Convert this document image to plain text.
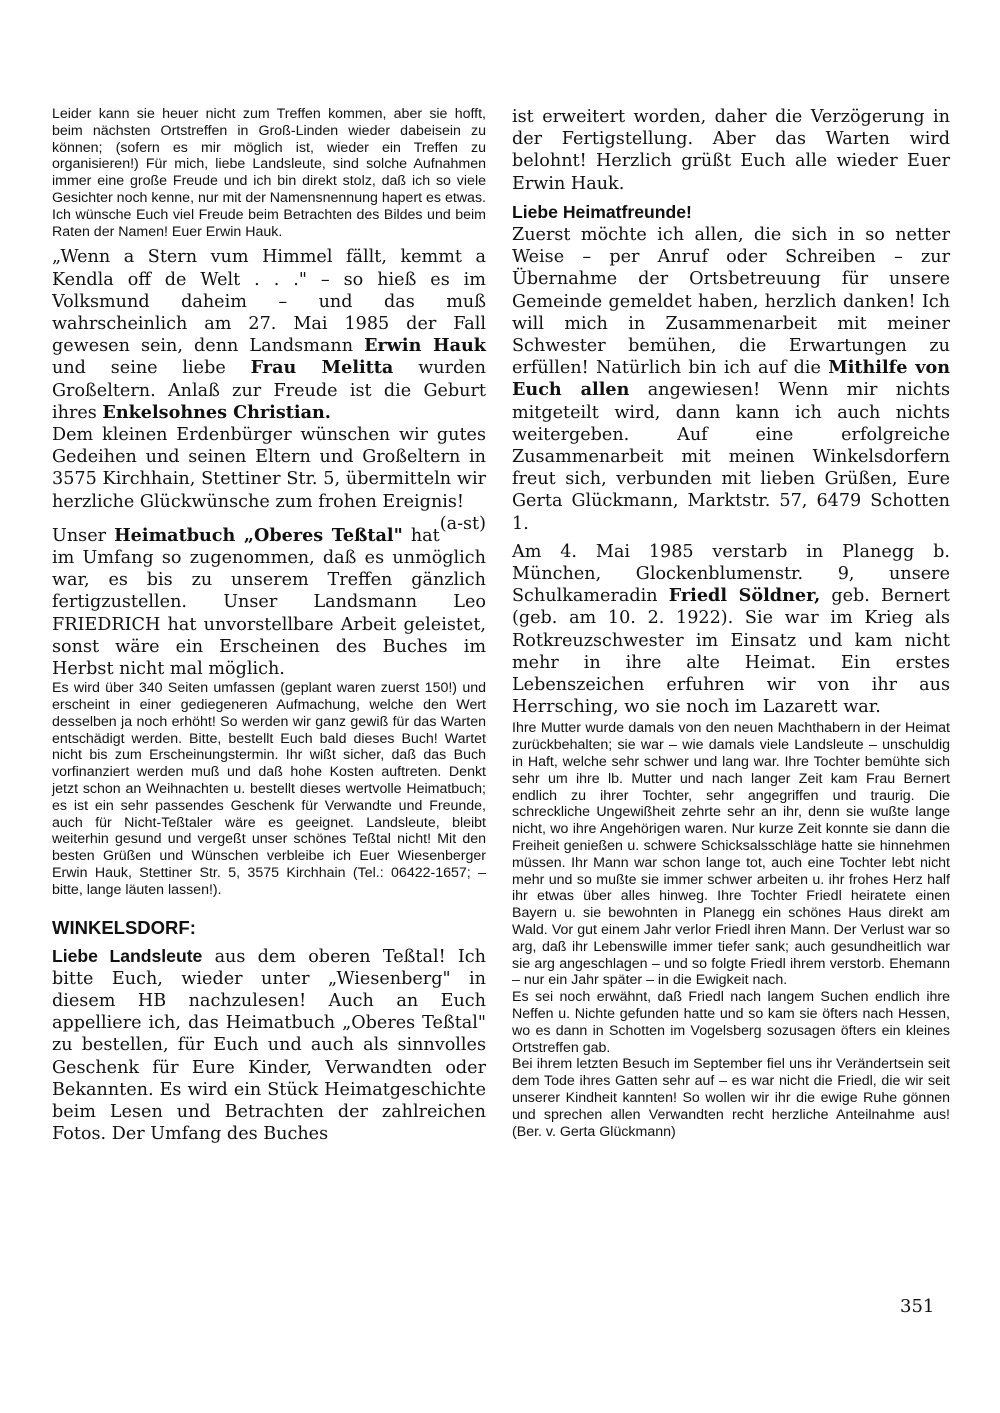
Leider kann sie heuer nicht zum Treffen kommen, aber sie hofft, beim nächsten Ortstreffen in Groß-Linden wieder dabeisein zu können; (sofern es mir möglich ist, wieder ein Treffen zu organisieren!) Für mich, liebe Landsleute, sind solche Aufnahmen immer eine große Freude und ich bin direkt stolz, daß ich so viele Gesichter noch kenne, nur mit der Namensnennung hapert es etwas. Ich wünsche Euch viel Freude beim Betrachten des Bildes und beim Raten der Namen! Euer Erwin Hauk.

„Wenn a Stern vum Himmel fällt, kemmt a Kendla off de Welt . . ." – so hieß es im Volksmund daheim – und das muß wahrscheinlich am 27. Mai 1985 der Fall gewesen sein, denn Landsmann Erwin Hauk und seine liebe Frau Melitta wurden Großeltern. Anlaß zur Freude ist die Geburt ihres Enkelsohnes Christian.

Dem kleinen Erdenbürger wünschen wir gutes Gedeihen und seinen Eltern und Großeltern in 3575 Kirchhain, Stettiner Str. 5, übermitteln wir herzliche Glückwünsche zum frohen Ereignis!
(a-st)

Unser Heimatbuch „Oberes Teßtal" hat im Umfang so zugenommen, daß es unmöglich war, es bis zu unserem Treffen gänzlich fertigzustellen. Unser Landsmann Leo FRIEDRICH hat unvorstellbare Arbeit geleistet, sonst wäre ein Erscheinen des Buches im Herbst nicht mal möglich.

Es wird über 340 Seiten umfassen (geplant waren zuerst 150!) und erscheint in einer gediegeneren Aufmachung, welche den Wert desselben ja noch erhöht! So werden wir ganz gewiß für das Warten entschädigt werden. Bitte, bestellt Euch bald dieses Buch! Wartet nicht bis zum Erscheinungstermin. Ihr wißt sicher, daß das Buch vorfinanziert werden muß und daß hohe Kosten auftreten. Denkt jetzt schon an Weihnachten u. bestellt dieses wertvolle Heimatbuch; es ist ein sehr passendes Geschenk für Verwandte und Freunde, auch für Nicht-Teßtaler wäre es geeignet. Landsleute, bleibt weiterhin gesund und vergeßt unser schönes Teßtal nicht! Mit den besten Grüßen und Wünschen verbleibe ich Euer Wiesenberger Erwin Hauk, Stettiner Str. 5, 3575 Kirchhain (Tel.: 06422-1657; – bitte, lange läuten lassen!).

WINKELSDORF:

Liebe Landsleute aus dem oberen Teßtal! Ich bitte Euch, wieder unter „Wiesenberg" in diesem HB nachzulesen! Auch an Euch appelliere ich, das Heimatbuch „Oberes Teßtal" zu bestellen, für Euch und auch als sinnvolles Geschenk für Eure Kinder, Verwandten oder Bekannten. Es wird ein Stück Heimatgeschichte beim Lesen und Betrachten der zahlreichen Fotos. Der Umfang des Buches

ist erweitert worden, daher die Verzögerung in der Fertigstellung. Aber das Warten wird belohnt! Herzlich grüßt Euch alle wieder Euer Erwin Hauk.

Liebe Heimatfreunde!
Zuerst möchte ich allen, die sich in so netter Weise – per Anruf oder Schreiben – zur Übernahme der Ortsbetreuung für unsere Gemeinde gemeldet haben, herzlich danken! Ich will mich in Zusammenarbeit mit meiner Schwester bemühen, die Erwartungen zu erfüllen! Natürlich bin ich auf die Mithilfe von Euch allen angewiesen! Wenn mir nichts mitgeteilt wird, dann kann ich auch nichts weitergeben. Auf eine erfolgreiche Zusammenarbeit mit meinen Winkelsdorfern freut sich, verbunden mit lieben Grüßen, Eure Gerta Glückmann, Marktstr. 57, 6479 Schotten 1.

Am 4. Mai 1985 verstarb in Planegg b. München, Glockenblumenstr. 9, unsere Schulkameradin Friedl Söldner, geb. Bernert (geb. am 10. 2. 1922). Sie war im Krieg als Rotkreuzschwester im Einsatz und kam nicht mehr in ihre alte Heimat. Ein erstes Lebenszeichen erfuhren wir von ihr aus Herrsching, wo sie noch im Lazarett war.

Ihre Mutter wurde damals von den neuen Machthabern in der Heimat zurückbehalten; sie war – wie damals viele Landsleute – unschuldig in Haft, welche sehr schwer und lang war. Ihre Tochter bemühte sich sehr um ihre lb. Mutter und nach langer Zeit kam Frau Bernert endlich zu ihrer Tochter, sehr angegriffen und traurig. Die schreckliche Ungewißheit zehrte sehr an ihr, denn sie wußte lange nicht, wo ihre Angehörigen waren. Nur kurze Zeit konnte sie dann die Freiheit genießen u. schwere Schicksalsschläge hatte sie hinnehmen müssen. Ihr Mann war schon lange tot, auch eine Tochter lebt nicht mehr und so mußte sie immer schwer arbeiten u. ihr frohes Herz half ihr etwas über alles hinweg. Ihre Tochter Friedl heiratete einen Bayern u. sie bewohnten in Planegg ein schönes Haus direkt am Wald. Vor gut einem Jahr verlor Friedl ihren Mann. Der Verlust war so arg, daß ihr Lebenswille immer tiefer sank; auch gesundheitlich war sie arg angeschlagen – und so folgte Friedl ihrem verstorb. Ehemann – nur ein Jahr später – in die Ewigkeit nach.

Es sei noch erwähnt, daß Friedl nach langem Suchen endlich ihre Neffen u. Nichte gefunden hatte und so kam sie öfters nach Hessen, wo es dann in Schotten im Vogelsberg sozusagen öfters ein kleines Ortstreffen gab.

Bei ihrem letzten Besuch im September fiel uns ihr Verändertsein seit dem Tode ihres Gatten sehr auf – es war nicht die Friedl, die wir seit unserer Kindheit kannten! So wollen wir ihr die ewige Ruhe gönnen und sprechen allen Verwandten recht herzliche Anteilnahme aus! (Ber. v. Gerta Glückmann)

351
